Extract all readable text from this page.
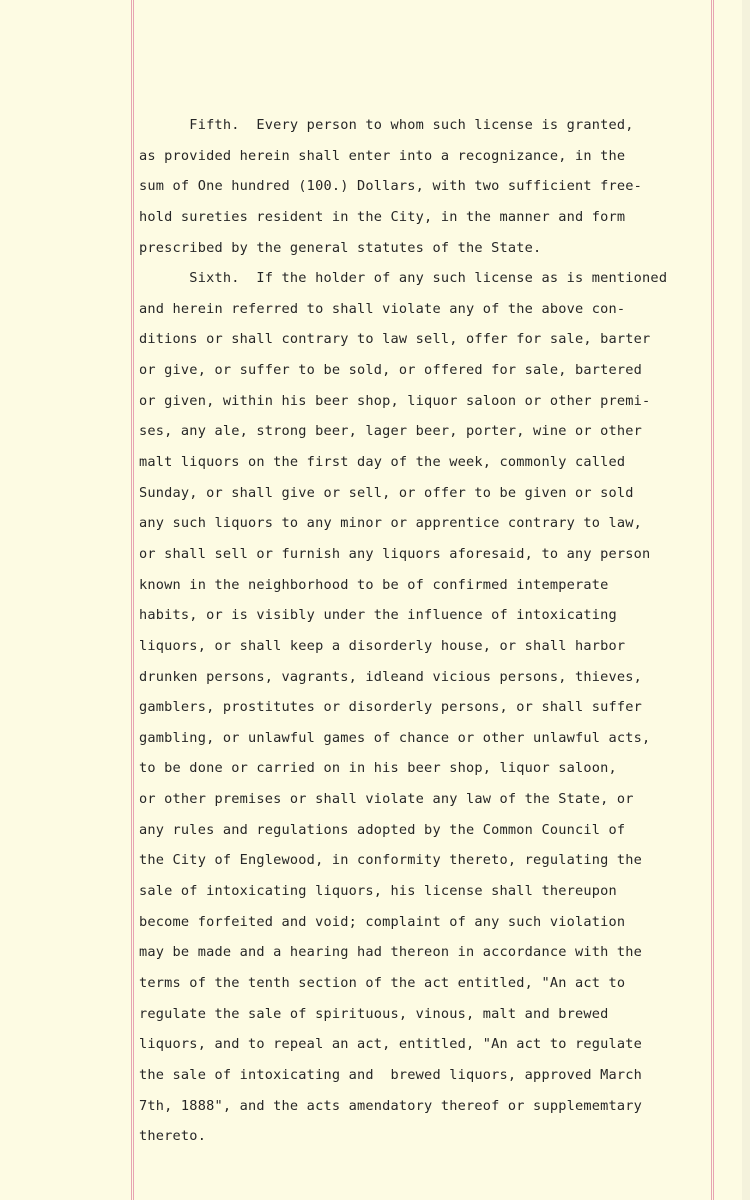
Fifth.  Every person to whom such license is granted,
as provided herein shall enter into a recognizance, in the
sum of One hundred (100.) Dollars, with two sufficient free-
hold sureties resident in the City, in the manner and form
prescribed by the general statutes of the State.
Sixth.  If the holder of any such license as is mentioned
and herein referred to shall violate any of the above con-
ditions or shall contrary to law sell, offer for sale, barter
or give, or suffer to be sold, or offered for sale, bartered
or given, within his beer shop, liquor saloon or other premi-
ses, any ale, strong beer, lager beer, porter, wine or other
malt liquors on the first day of the week, commonly called
Sunday, or shall give or sell, or offer to be given or sold
any such liquors to any minor or apprentice contrary to law,
or shall sell or furnish any liquors aforesaid, to any person
known in the neighborhood to be of confirmed intemperate
habits, or is visibly under the influence of intoxicating
liquors, or shall keep a disorderly house, or shall harbor
drunken persons, vagrants, idleand vicious persons, thieves,
gamblers, prostitutes or disorderly persons, or shall suffer
gambling, or unlawful games of chance or other unlawful acts,
to be done or carried on in his beer shop, liquor saloon,
or other premises or shall violate any law of the State, or
any rules and regulations adopted by the Common Council of
the City of Englewood, in conformity thereto, regulating the
sale of intoxicating liquors, his license shall thereupon
become forfeited and void; complaint of any such violation
may be made and a hearing had thereon in accordance with the
terms of the tenth section of the act entitled, "An act to
regulate the sale of spirituous, vinous, malt and brewed
liquors, and to repeal an act, entitled, "An act to regulate
the sale of intoxicating and  brewed liquors, approved March
7th, 1888", and the acts amendatory thereof or supplememtary
thereto.
